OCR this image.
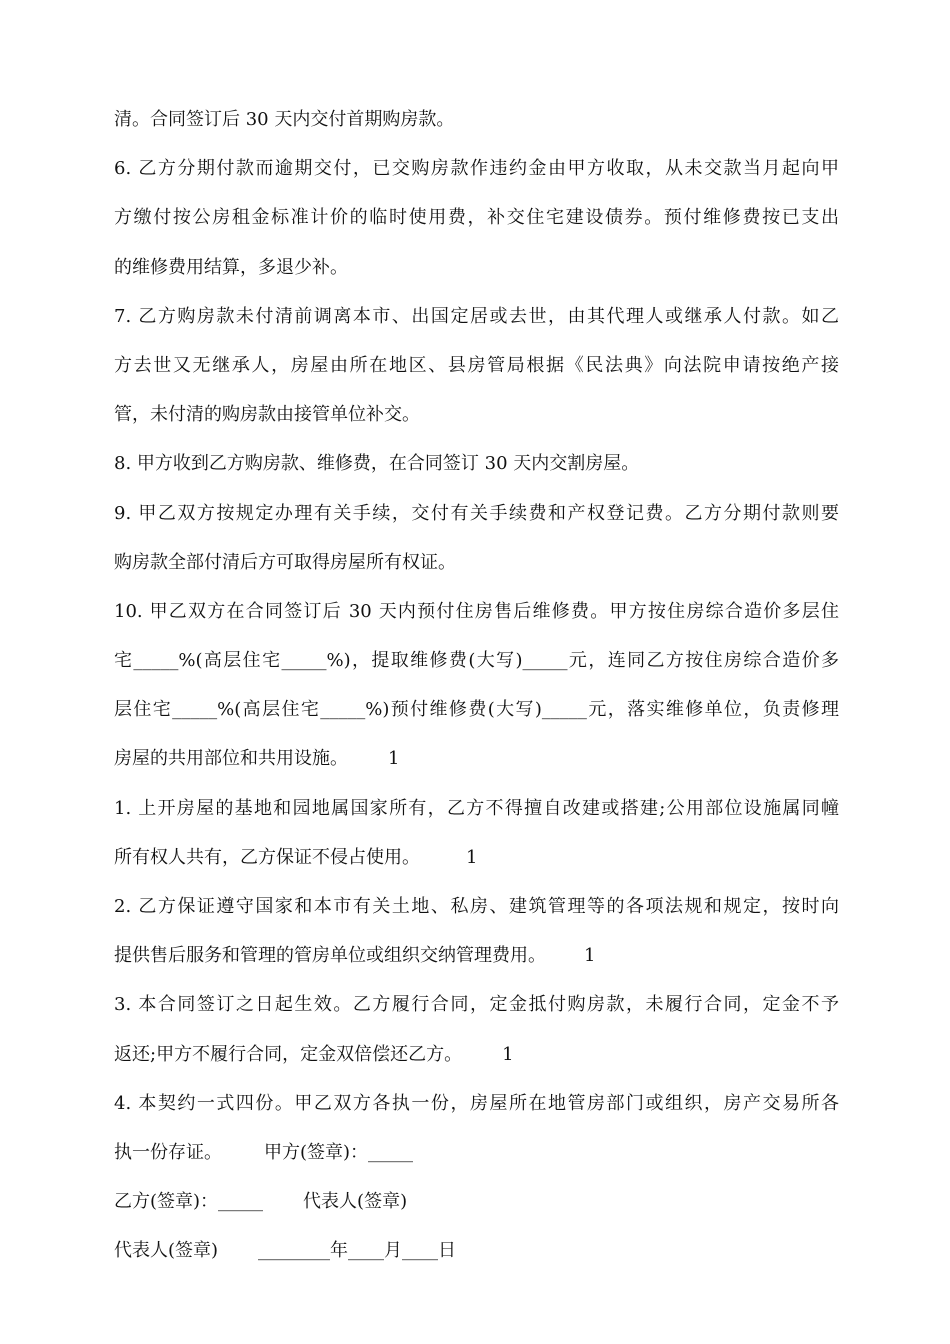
清。合同签订后 30 天内交付首期购房款。
6. 乙方分期付款而逾期交付，已交购房款作违约金由甲方收取，从未交款当月起向甲
方缴付按公房租金标准计价的临时使用费，补交住宅建设债券。预付维修费按已支出
的维修费用结算，多退少补。
7. 乙方购房款未付清前调离本市、出国定居或去世，由其代理人或继承人付款。如乙
方去世又无继承人，房屋由所在地区、县房管局根据《民法典》向法院申请按绝产接
管，未付清的购房款由接管单位补交。
8. 甲方收到乙方购房款、维修费，在合同签订 30 天内交割房屋。
9. 甲乙双方按规定办理有关手续，交付有关手续费和产权登记费。乙方分期付款则要
购房款全部付清后方可取得房屋所有权证。
10. 甲乙双方在合同签订后 30 天内预付住房售后维修费。甲方按住房综合造价多层住
宅_____%(高层住宅_____%)，提取维修费(大写)_____元，连同乙方按住房综合造价多
层住宅_____%(高层住宅_____%)预付维修费(大写)_____元，落实维修单位，负责修理
房屋的共用部位和共用设施。 1
1. 上开房屋的基地和园地属国家所有，乙方不得擅自改建或搭建;公用部位设施属同幢
所有权人共有，乙方保证不侵占使用。	1
2. 乙方保证遵守国家和本市有关土地、私房、建筑管理等的各项法规和规定，按时向
提供售后服务和管理的管房单位或组织交纳管理费用。 1
3. 本合同签订之日起生效。乙方履行合同，定金抵付购房款，未履行合同，定金不予
返还;甲方不履行合同，定金双倍偿还乙方。 1
4. 本契约一式四份。甲乙双方各执一份，房屋所在地管房部门或组织，房产交易所各
执一份存证。 甲方(签章)：_____
乙方(签章)：_____ 代表人(签章)
代表人(签章) ________年____月____日
